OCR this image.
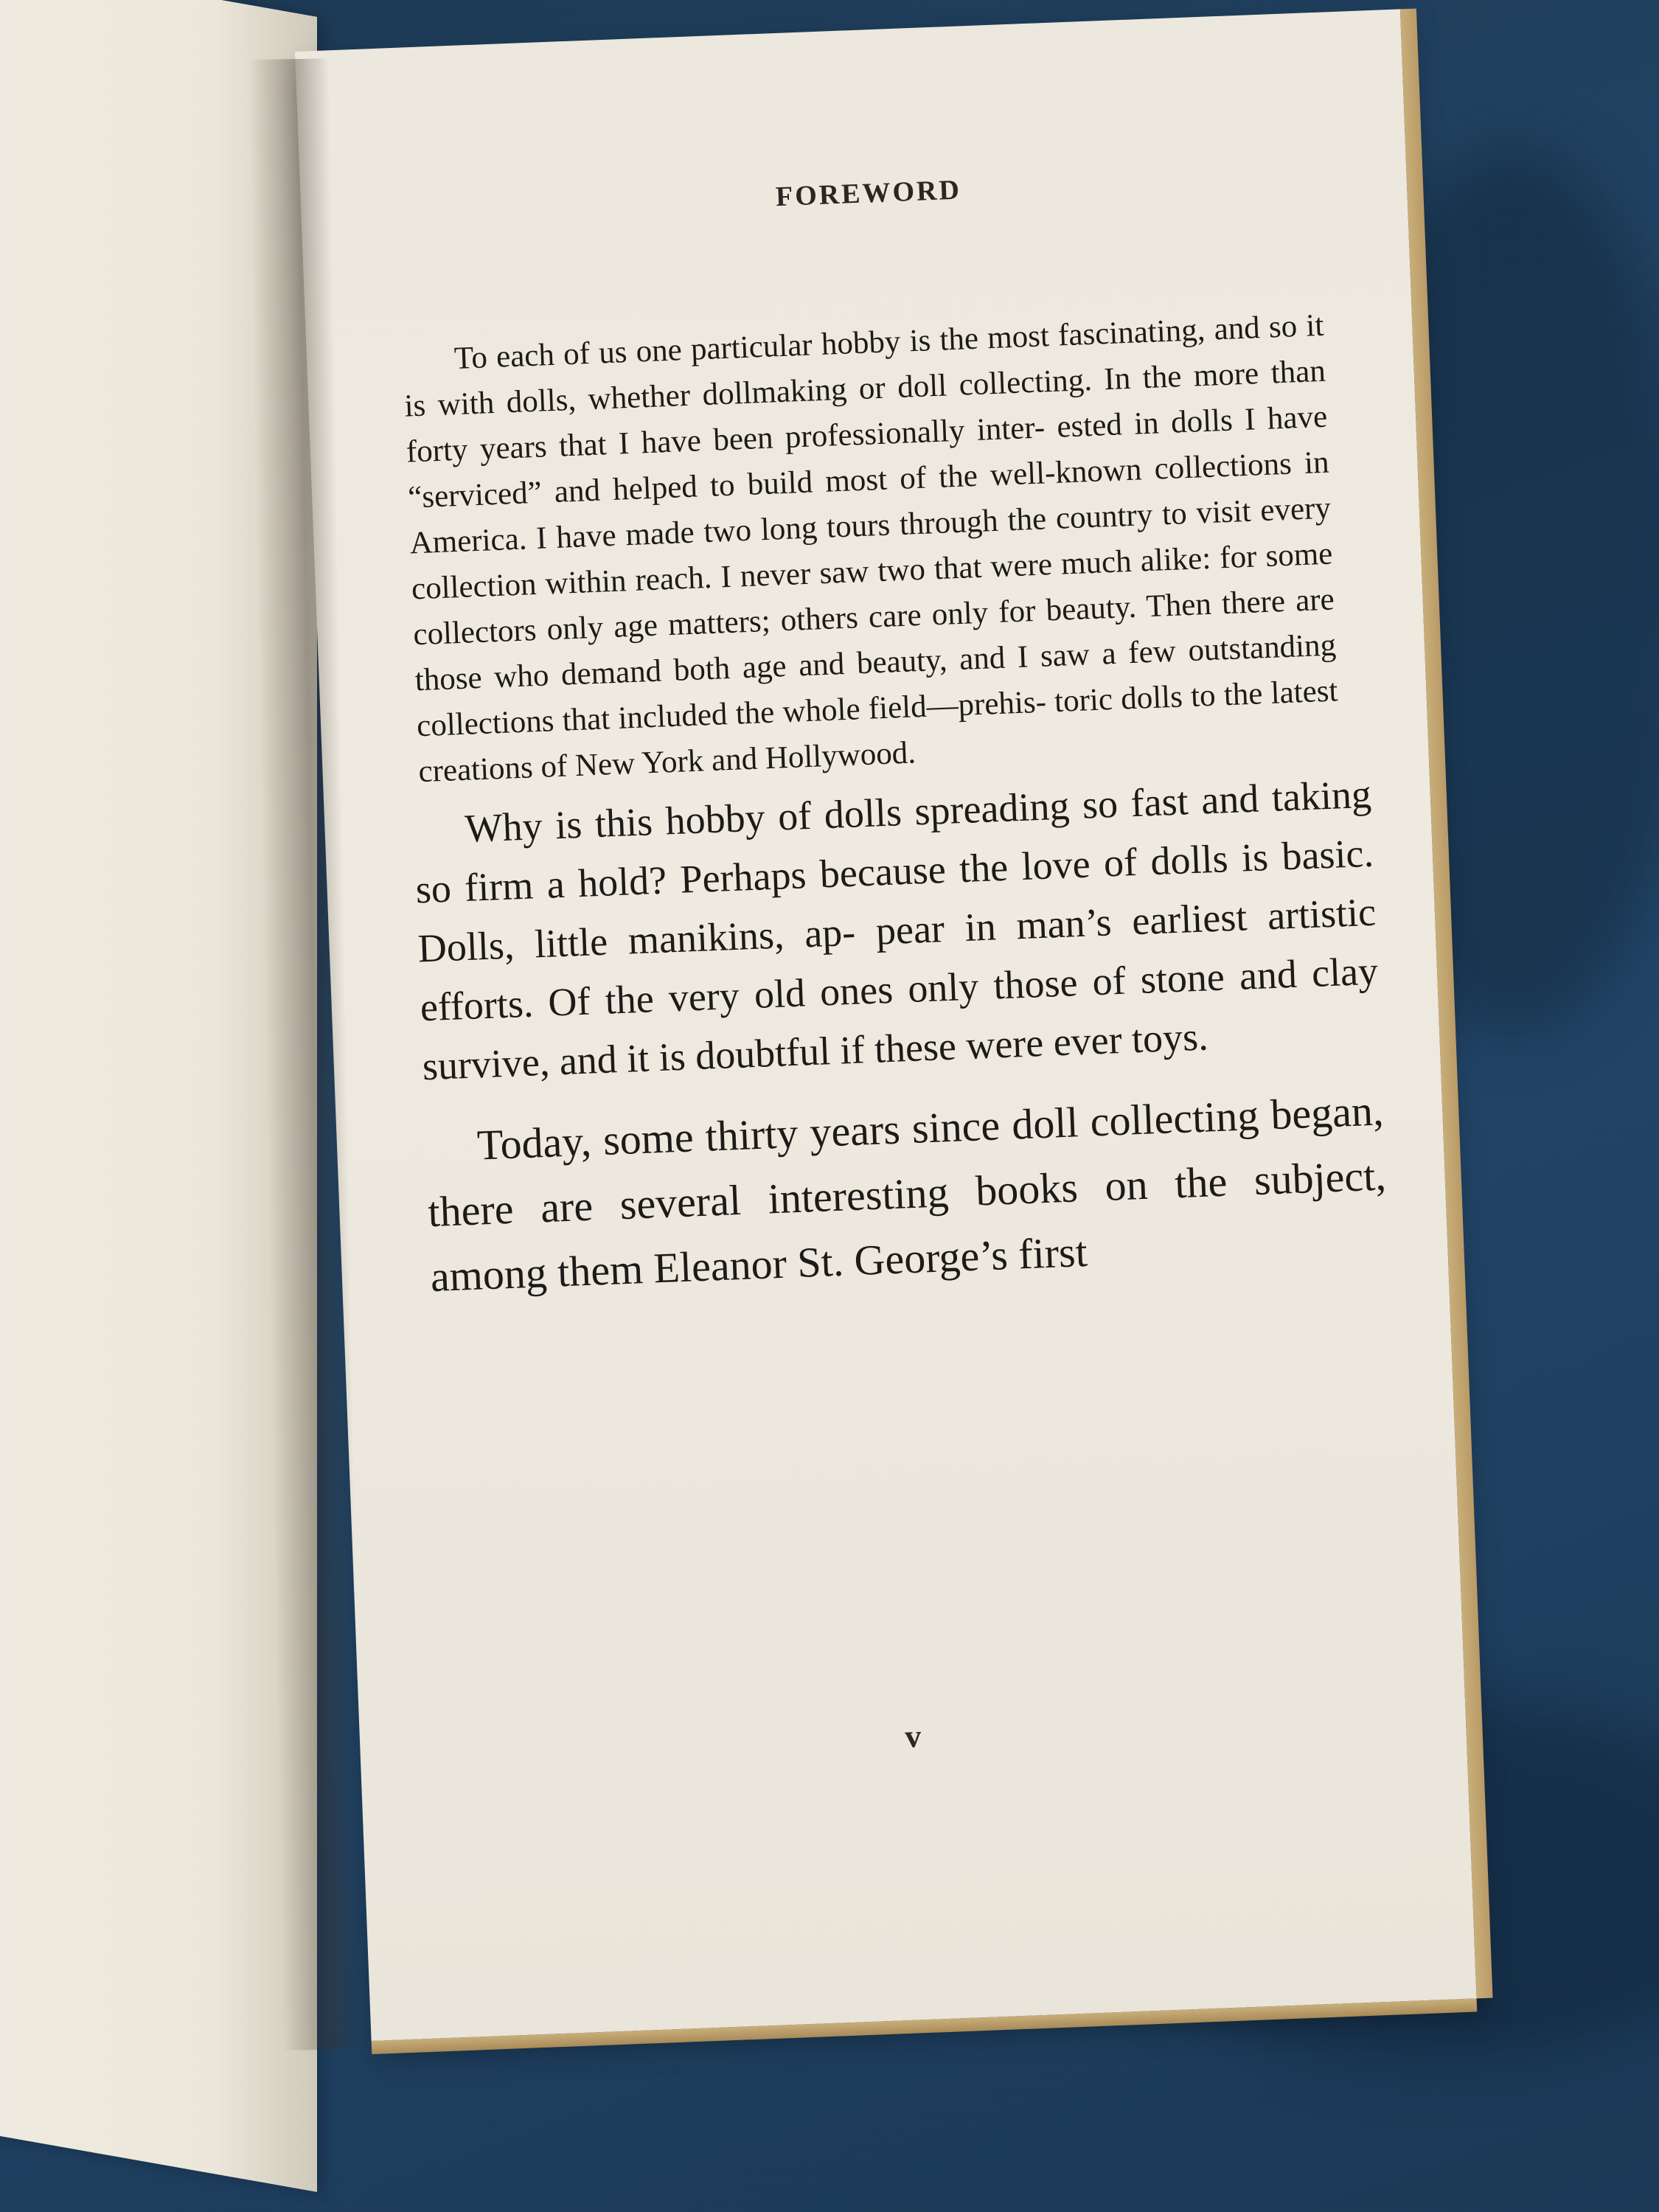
FOREWORD

To each of us one particular hobby is the most fascinating, and so it is with dolls, whether dollmaking or doll collecting. In the more than forty years that I have been professionally inter- ested in dolls I have “serviced” and helped to build most of the well-known collections in America. I have made two long tours through the country to visit every collection within reach. I never saw two that were much alike: for some collectors only age matters; others care only for beauty. Then there are those who demand both age and beauty, and I saw a few outstanding collections that included the whole field—prehis- toric dolls to the latest creations of New York and Hollywood.

Why is this hobby of dolls spreading so fast and taking so firm a hold? Perhaps because the love of dolls is basic. Dolls, little manikins, ap- pear in man’s earliest artistic efforts. Of the very old ones only those of stone and clay survive, and it is doubtful if these were ever toys.

Today, some thirty years since doll collecting began, there are several interesting books on the subject, among them Eleanor St. George’s first

v
